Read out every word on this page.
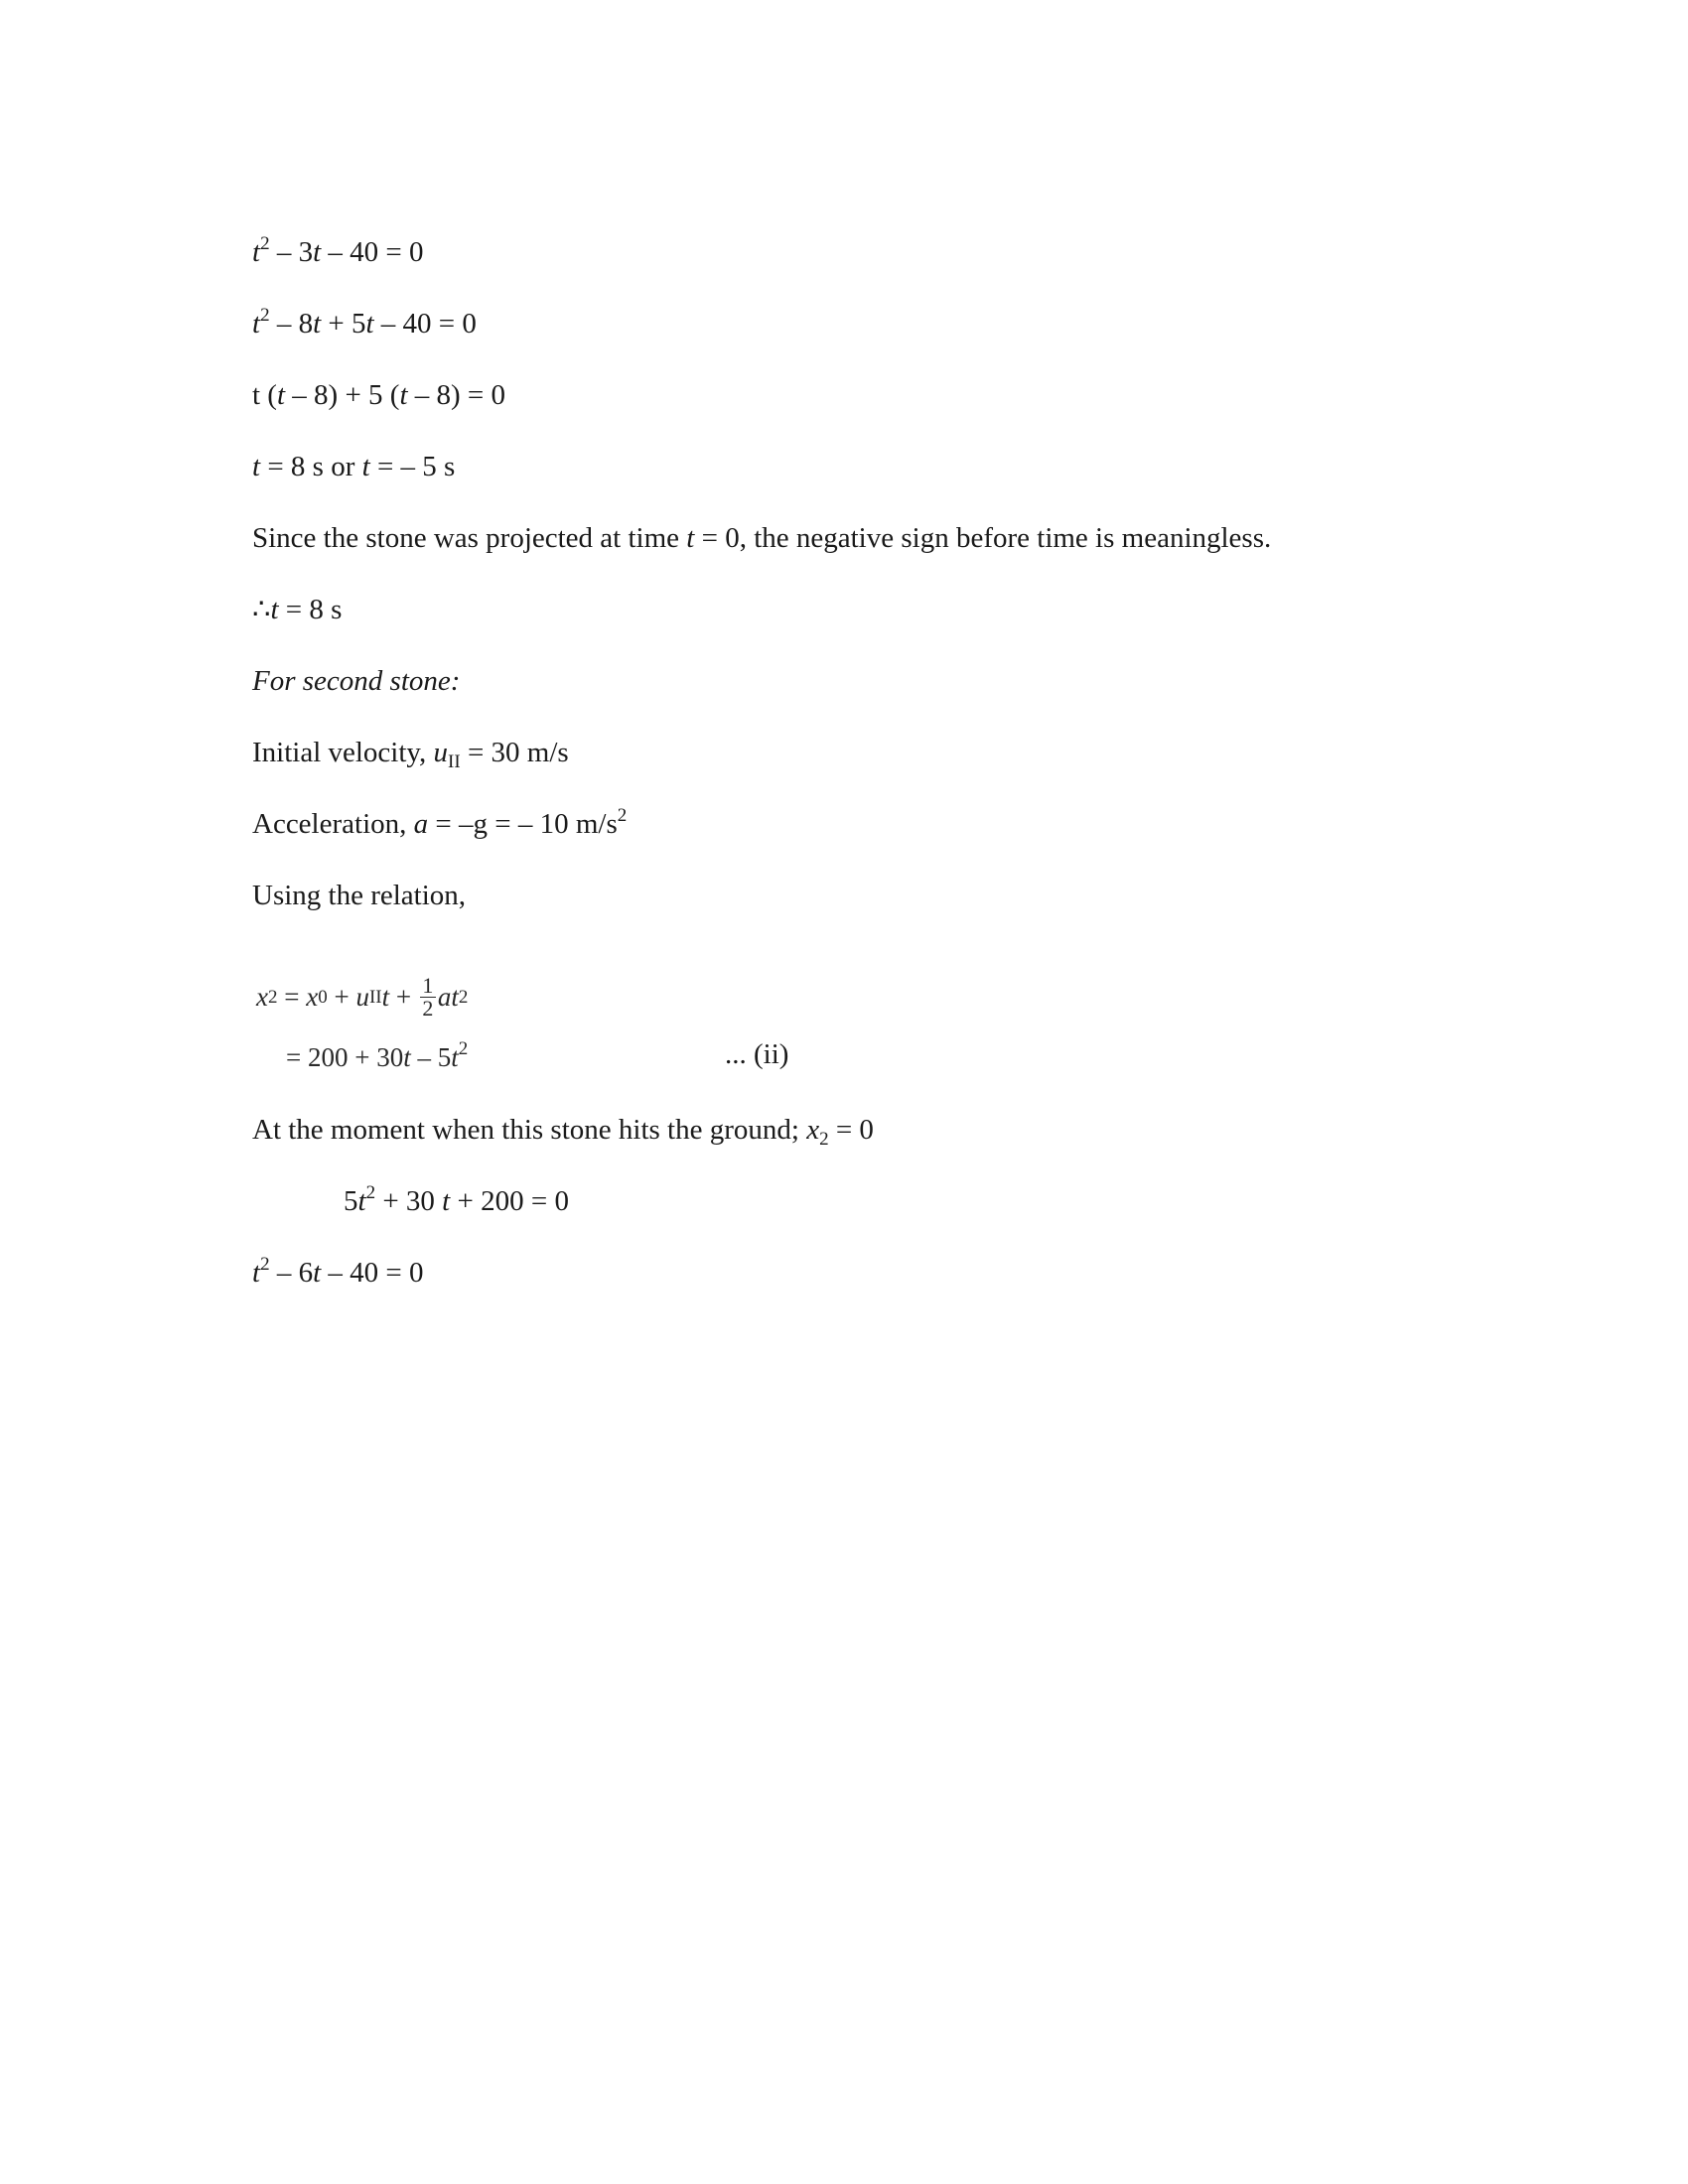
$t^2 - 3t - 40 = 0$
$t^2 - 8t + 5t - 40 = 0$
t (t – 8) + 5 (t – 8) = 0
t = 8 s or t = – 5 s
Since the stone was projected at time t = 0, the negative sign before time is meaningless.
∴t = 8 s
For second stone:
Initial velocity, $u_{II} = 30$ m/s
Acceleration, a = –g = – 10 $m/s^2$
Using the relation,
x 2 = x 0 + u II $t + \frac{1}{2}$ at 2
= $200 + 30t - 5t^2$	... (ii)
At the moment when this stone hits the ground; $x_2 = 0$
$5t^2 + 30$ t + 200 = 0
$t^2 - 6t - 40 = 0$
